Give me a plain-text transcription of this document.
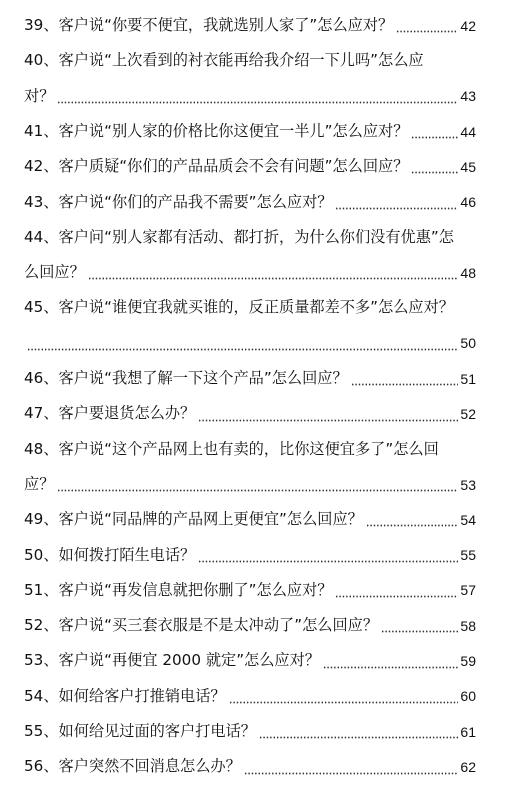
39、 客户说“你要不便宜，我就选别人家了”怎么应对？	42
40、 客户说“上次看到的衬衣能再给我介绍一下儿吗”怎么应
对？	43
41、 客户说“别人家的价格比你这便宜一半儿”怎么应对？	44
42、 客户质疑“你们的产品品质会不会有问题”怎么回应？	45
43、 客户说“你们的产品我不需要”怎么应对？	46
44、 客户问“别人家都有活动、都打折，为什么你们没有优惠”怎
么回应？	48
45、 客户说“谁便宜我就买谁的，反正质量都差不多”怎么应对？
50
46、 客户说“我想了解一下这个产品”怎么回应？	51
47、 客户要退货怎么办？	52
48、 客户说“这个产品网上也有卖的，比你这便宜多了”怎么回
应？	53
49、 客户说“同品牌的产品网上更便宜”怎么回应？	54
50、 如何拨打陌生电话？	55
51、 客户说“再发信息就把你删了”怎么应对？	57
52、 客户说“买三套衣服是不是太冲动了”怎么回应？	58
53、 客户说“再便宜 2000 就定”怎么应对？	59
54、 如何给客户打推销电话？	60
55、 如何给见过面的客户打电话？	61
56、 客户突然不回消息怎么办？	62
